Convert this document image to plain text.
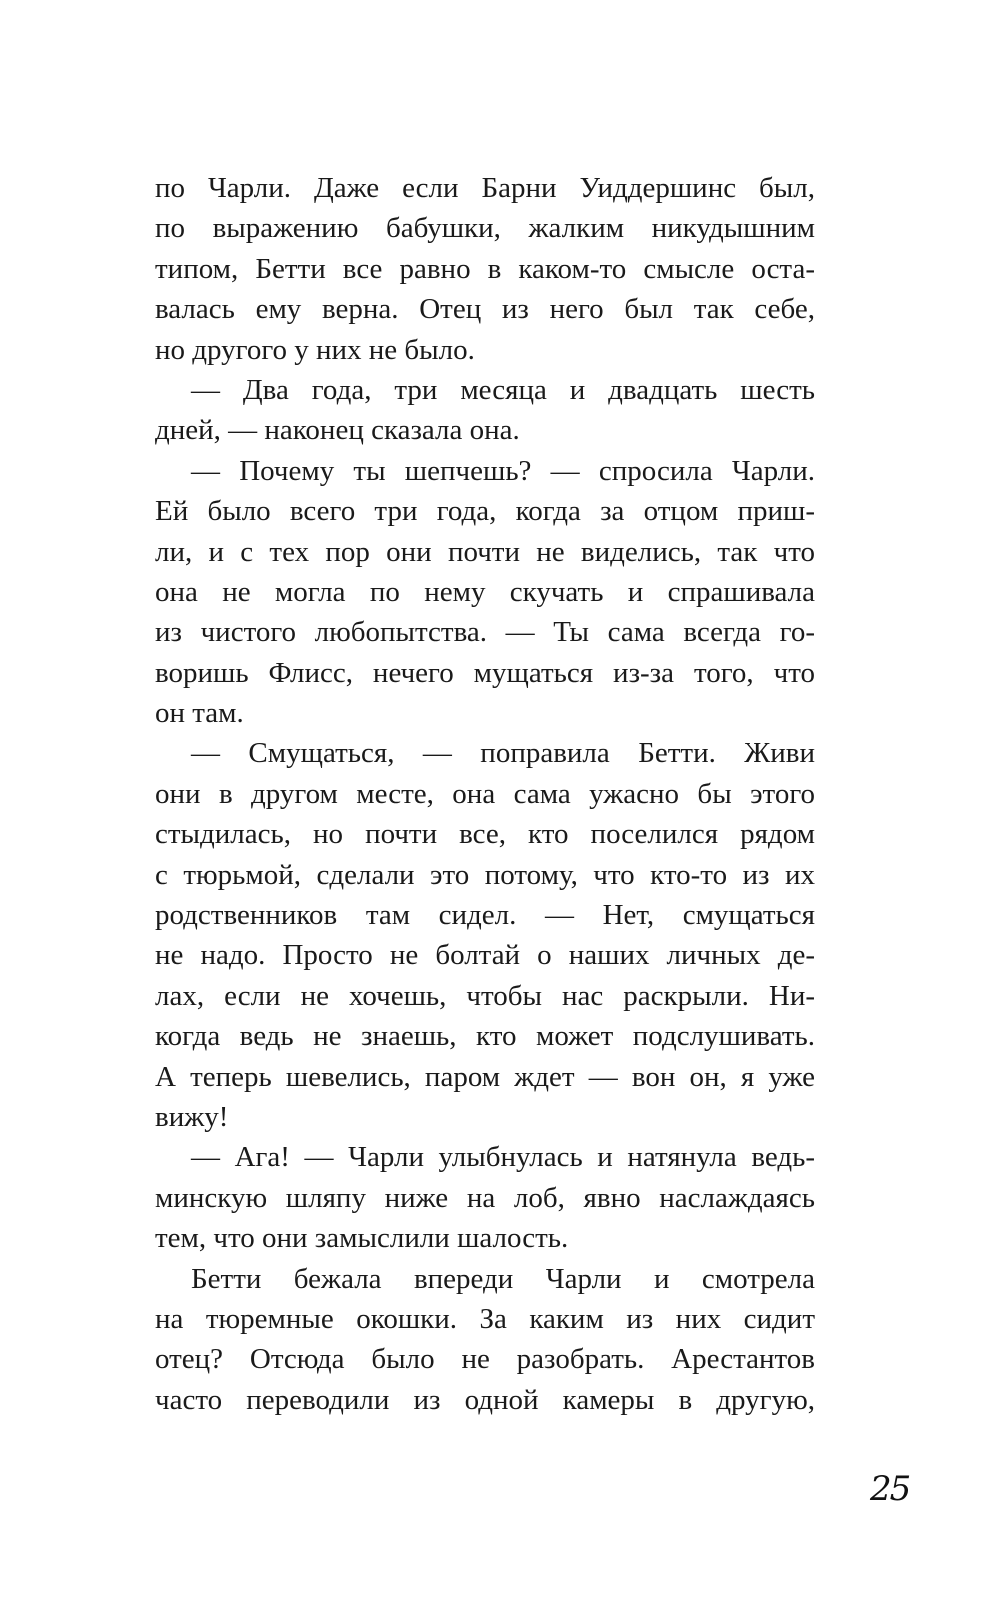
по Чарли. Даже если Барни Уиддершинс был,
по выражению бабушки, жалким никудышним
типом, Бетти все равно в каком-то смысле оста-
валась ему верна. Отец из него был так себе,
но другого у них не было.
— Два года, три месяца и двадцать шесть
дней, — наконец сказала она.
— Почему ты шепчешь? — спросила Чарли.
Ей было всего три года, когда за отцом приш-
ли, и с тех пор они почти не виделись, так что
она не могла по нему скучать и спрашивала
из чистого любопытства. — Ты сама всегда го-
воришь Флисс, нечего мущаться из-за того, что
он там.
— Смущаться, — поправила Бетти. Живи
они в другом месте, она сама ужасно бы этого
стыдилась, но почти все, кто поселился рядом
с тюрьмой, сделали это потому, что кто-то из их
родственников там сидел. — Нет, смущаться
не надо. Просто не болтай о наших личных де-
лах, если не хочешь, чтобы нас раскрыли. Ни-
когда ведь не знаешь, кто может подслушивать.
А теперь шевелись, паром ждет — вон он, я уже
вижу!
— Ага! — Чарли улыбнулась и натянула ведь-
минскую шляпу ниже на лоб, явно наслаждаясь
тем, что они замыслили шалость.
Бетти бежала впереди Чарли и смотрела
на тюремные окошки. За каким из них сидит
отец? Отсюда было не разобрать. Арестантов
часто переводили из одной камеры в другую,
25
